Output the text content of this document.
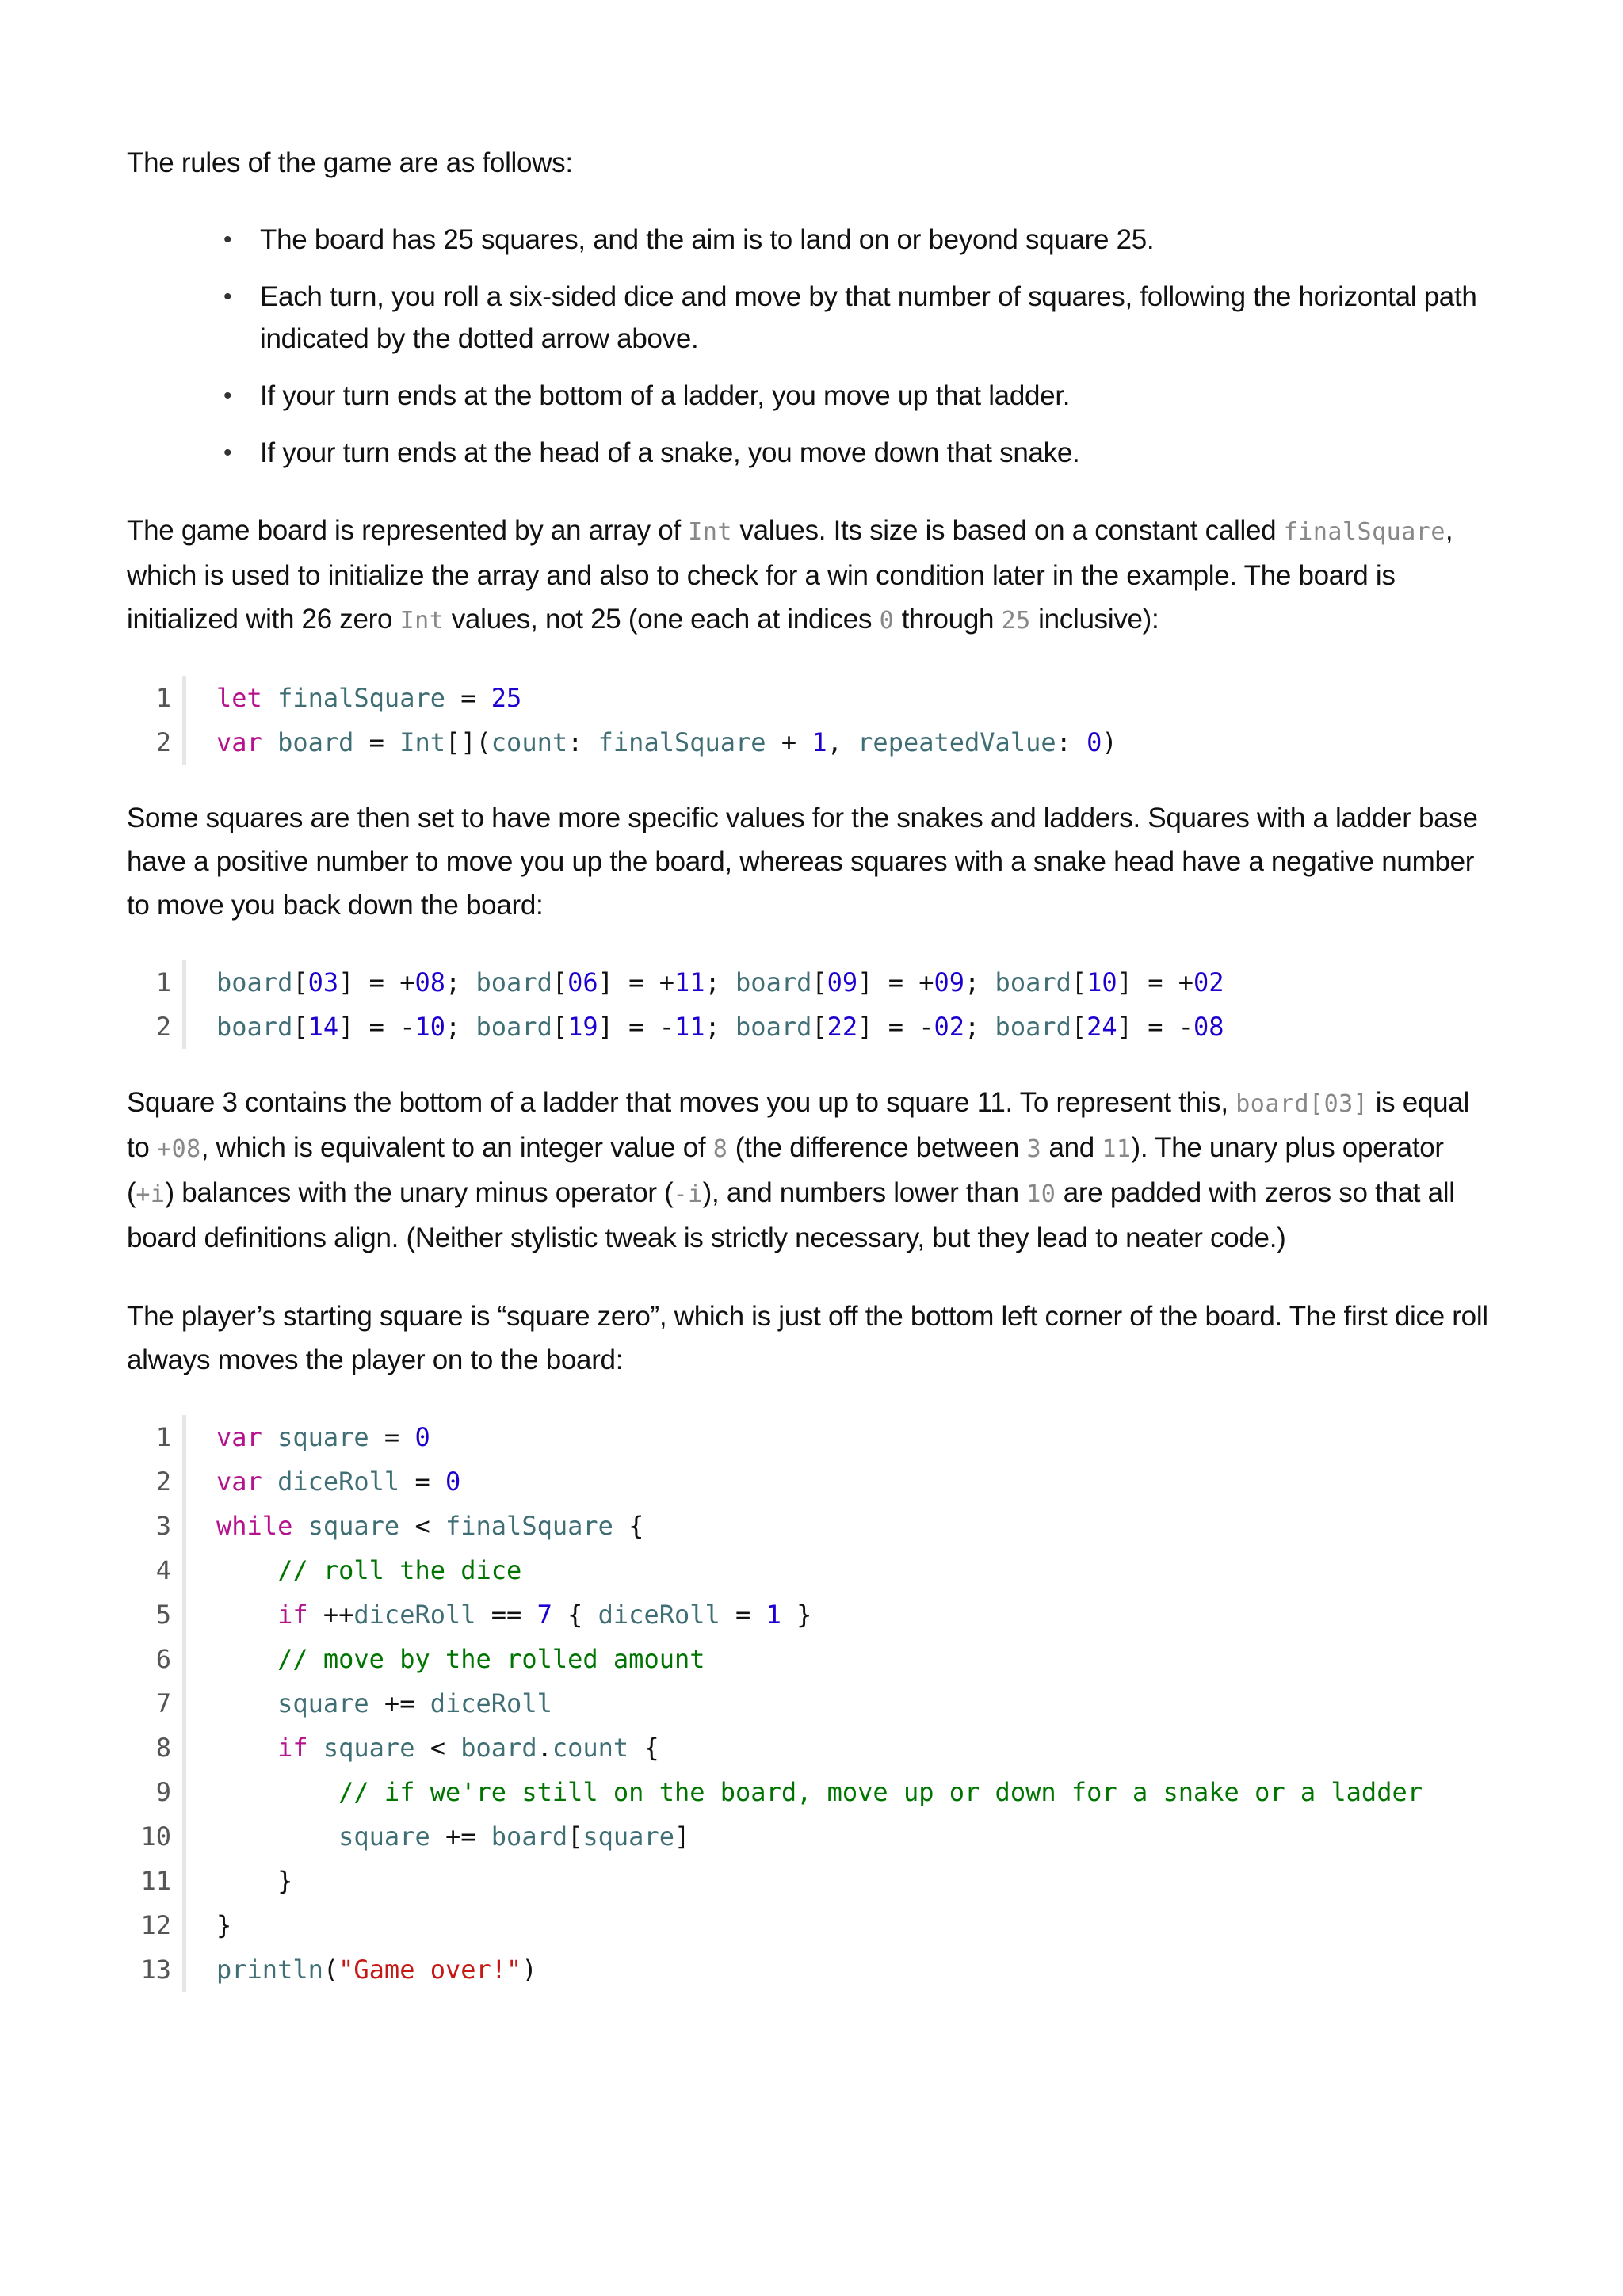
The rules of the game are as follows:

• The board has 25 squares, and the aim is to land on or beyond square 25.
• Each turn, you roll a six-sided dice and move by that number of squares, following the horizontal path indicated by the dotted arrow above.
• If your turn ends at the bottom of a ladder, you move up that ladder.
• If your turn ends at the head of a snake, you move down that snake.

The game board is represented by an array of Int values. Its size is based on a constant called finalSquare, which is used to initialize the array and also to check for a win condition later in the example. The board is initialized with 26 zero Int values, not 25 (one each at indices 0 through 25 inclusive):

1	let finalSquare = 25
2	var board = Int[](count: finalSquare + 1, repeatedValue: 0)

Some squares are then set to have more specific values for the snakes and ladders. Squares with a ladder base have a positive number to move you up the board, whereas squares with a snake head have a negative number to move you back down the board:

1	board[03] = +08; board[06] = +11; board[09] = +09; board[10] = +02
2	board[14] = -10; board[19] = -11; board[22] = -02; board[24] = -08

Square 3 contains the bottom of a ladder that moves you up to square 11. To represent this, board[03] is equal to +08, which is equivalent to an integer value of 8 (the difference between 3 and 11). The unary plus operator (+i) balances with the unary minus operator (-i), and numbers lower than 10 are padded with zeros so that all board definitions align. (Neither stylistic tweak is strictly necessary, but they lead to neater code.)

The player’s starting square is “square zero”, which is just off the bottom left corner of the board. The first dice roll always moves the player on to the board:

1	var square = 0
2	var diceRoll = 0
3	while square < finalSquare {
4	// roll the dice
5	if ++diceRoll == 7 { diceRoll = 1 }
6	// move by the rolled amount
7	square += diceRoll
8	if square < board.count {
9	// if we're still on the board, move up or down for a snake or a ladder
10	square += board[square]
11	}
12	}
13	println("Game over!")
